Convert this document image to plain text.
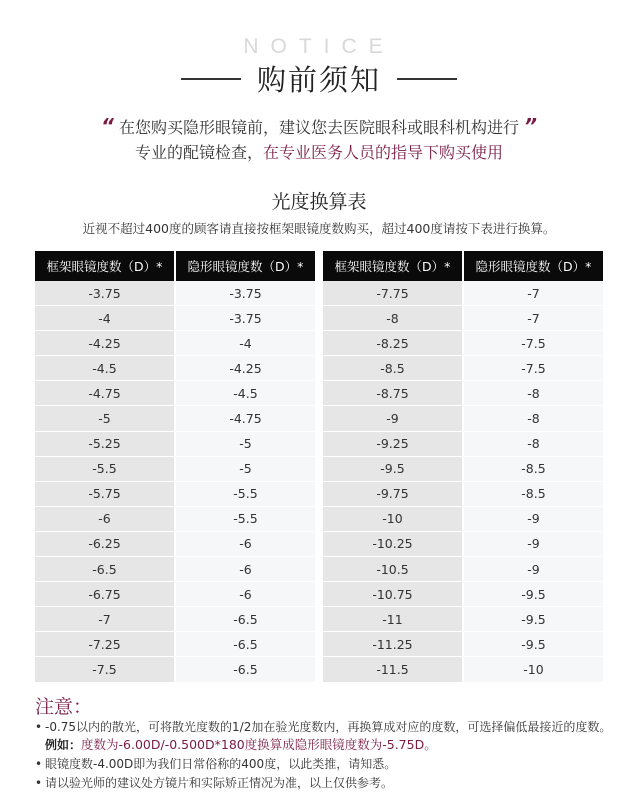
NOTICE
购前须知
“ 在您购买隐形眼镜前，建议您去医院眼科或眼科机构进行 ”
专业的配镜检查，在专业医务人员的指导下购买使用
光度换算表
近视不超过400度的顾客请直接按框架眼镜度数购买，超过400度请按下表进行换算。
框架眼镜度数（D）*	隐形眼镜度数（D）*
-3.75	-3.75
-4	-3.75
-4.25	-4
-4.5	-4.25
-4.75	-4.5
-5	-4.75
-5.25	-5
-5.5	-5
-5.75	-5.5
-6	-5.5
-6.25	-6
-6.5	-6
-6.75	-6
-7	-6.5
-7.25	-6.5
-7.5	-6.5
框架眼镜度数（D）*	隐形眼镜度数（D）*
-7.75	-7
-8	-7
-8.25	-7.5
-8.5	-7.5
-8.75	-8
-9	-8
-9.25	-8
-9.5	-8.5
-9.75	-8.5
-10	-9
-10.25	-9
-10.5	-9
-10.75	-9.5
-11	-9.5
-11.25	-9.5
-11.5	-10
注意：
• -0.75以内的散光，可将散光度数的1/2加在验光度数内，再换算成对应的度数，可选择偏低最接近的度数。例如：度数为-6.00D/-0.500D*180度换算成隐形眼镜度数为-5.75D。
• 眼镜度数-4.00D即为我们日常俗称的400度，以此类推，请知悉。
• 请以验光师的建议处方镜片和实际矫正情况为准，以上仅供参考。
